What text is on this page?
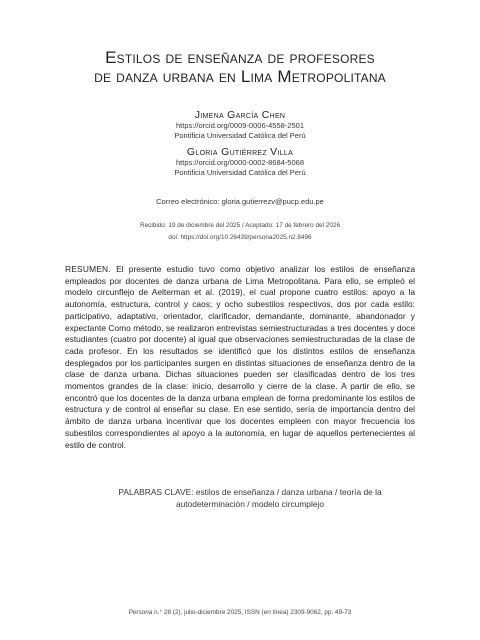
Estilos de enseñanza de profesores
de danza urbana en Lima Metropolitana
Jimena García Chen
https://orcid.org/0009-0006-4558-2501
Pontificia Universidad Católica del Perú
Gloria Gutiérrez Villa
https://orcid.org/0000-0002-8684-5068
Pontificia Universidad Católica del Perú
Correo electrónico: gloria.gutierrezv@pucp.edu.pe
Recibido: 19 de diciembre del 2025 / Aceptado: 17 de febrero del 2026
doi: https://doi.org/10.26439/persona2025.n2.8496
RESUMEN. El presente estudio tuvo como objetivo analizar los estilos de enseñanza empleados por docentes de danza urbana de Lima Metropolitana. Para ello, se empleó el modelo circunflejo de Aelterman et al. (2019), el cual propone cuatro estilos: apoyo a la autonomía, estructura, control y caos; y ocho subestilos respectivos, dos por cada estilo: participativo, adaptativo, orientador, clarificador, demandante, dominante, abandonador y expectante Como método, se realizaron entrevistas semiestructuradas a tres docentes y doce estudiantes (cuatro por docente) al igual que observaciones semiestructuradas de la clase de cada profesor. En los resultados se identificó que los distintos estilos de enseñanza desplegados por los participantes surgen en distintas situaciones de enseñanza dentro de la clase de danza urbana. Dichas situaciones pueden ser clasificadas dentro de los tres momentos grandes de la clase: inicio, desarrollo y cierre de la clase. A partir de ello, se encontró que los docentes de la danza urbana emplean de forma predominante los estilos de estructura y de control al enseñar su clase. En ese sentido, sería de importancia dentro del ámbito de danza urbana incentivar que los docentes empleen con mayor frecuencia los subestilos correspondientes al apoyo a la autonomía, en lugar de aquellos pertenecientes al estilo de control.
PALABRAS CLAVE: estilos de enseñanza / danza urbana / teoría de la autodeterminación / modelo circumplejo
Persona n.° 28 (2), julio-diciembre 2025, ISSN (en línea) 2309-9062, pp. 49-73
